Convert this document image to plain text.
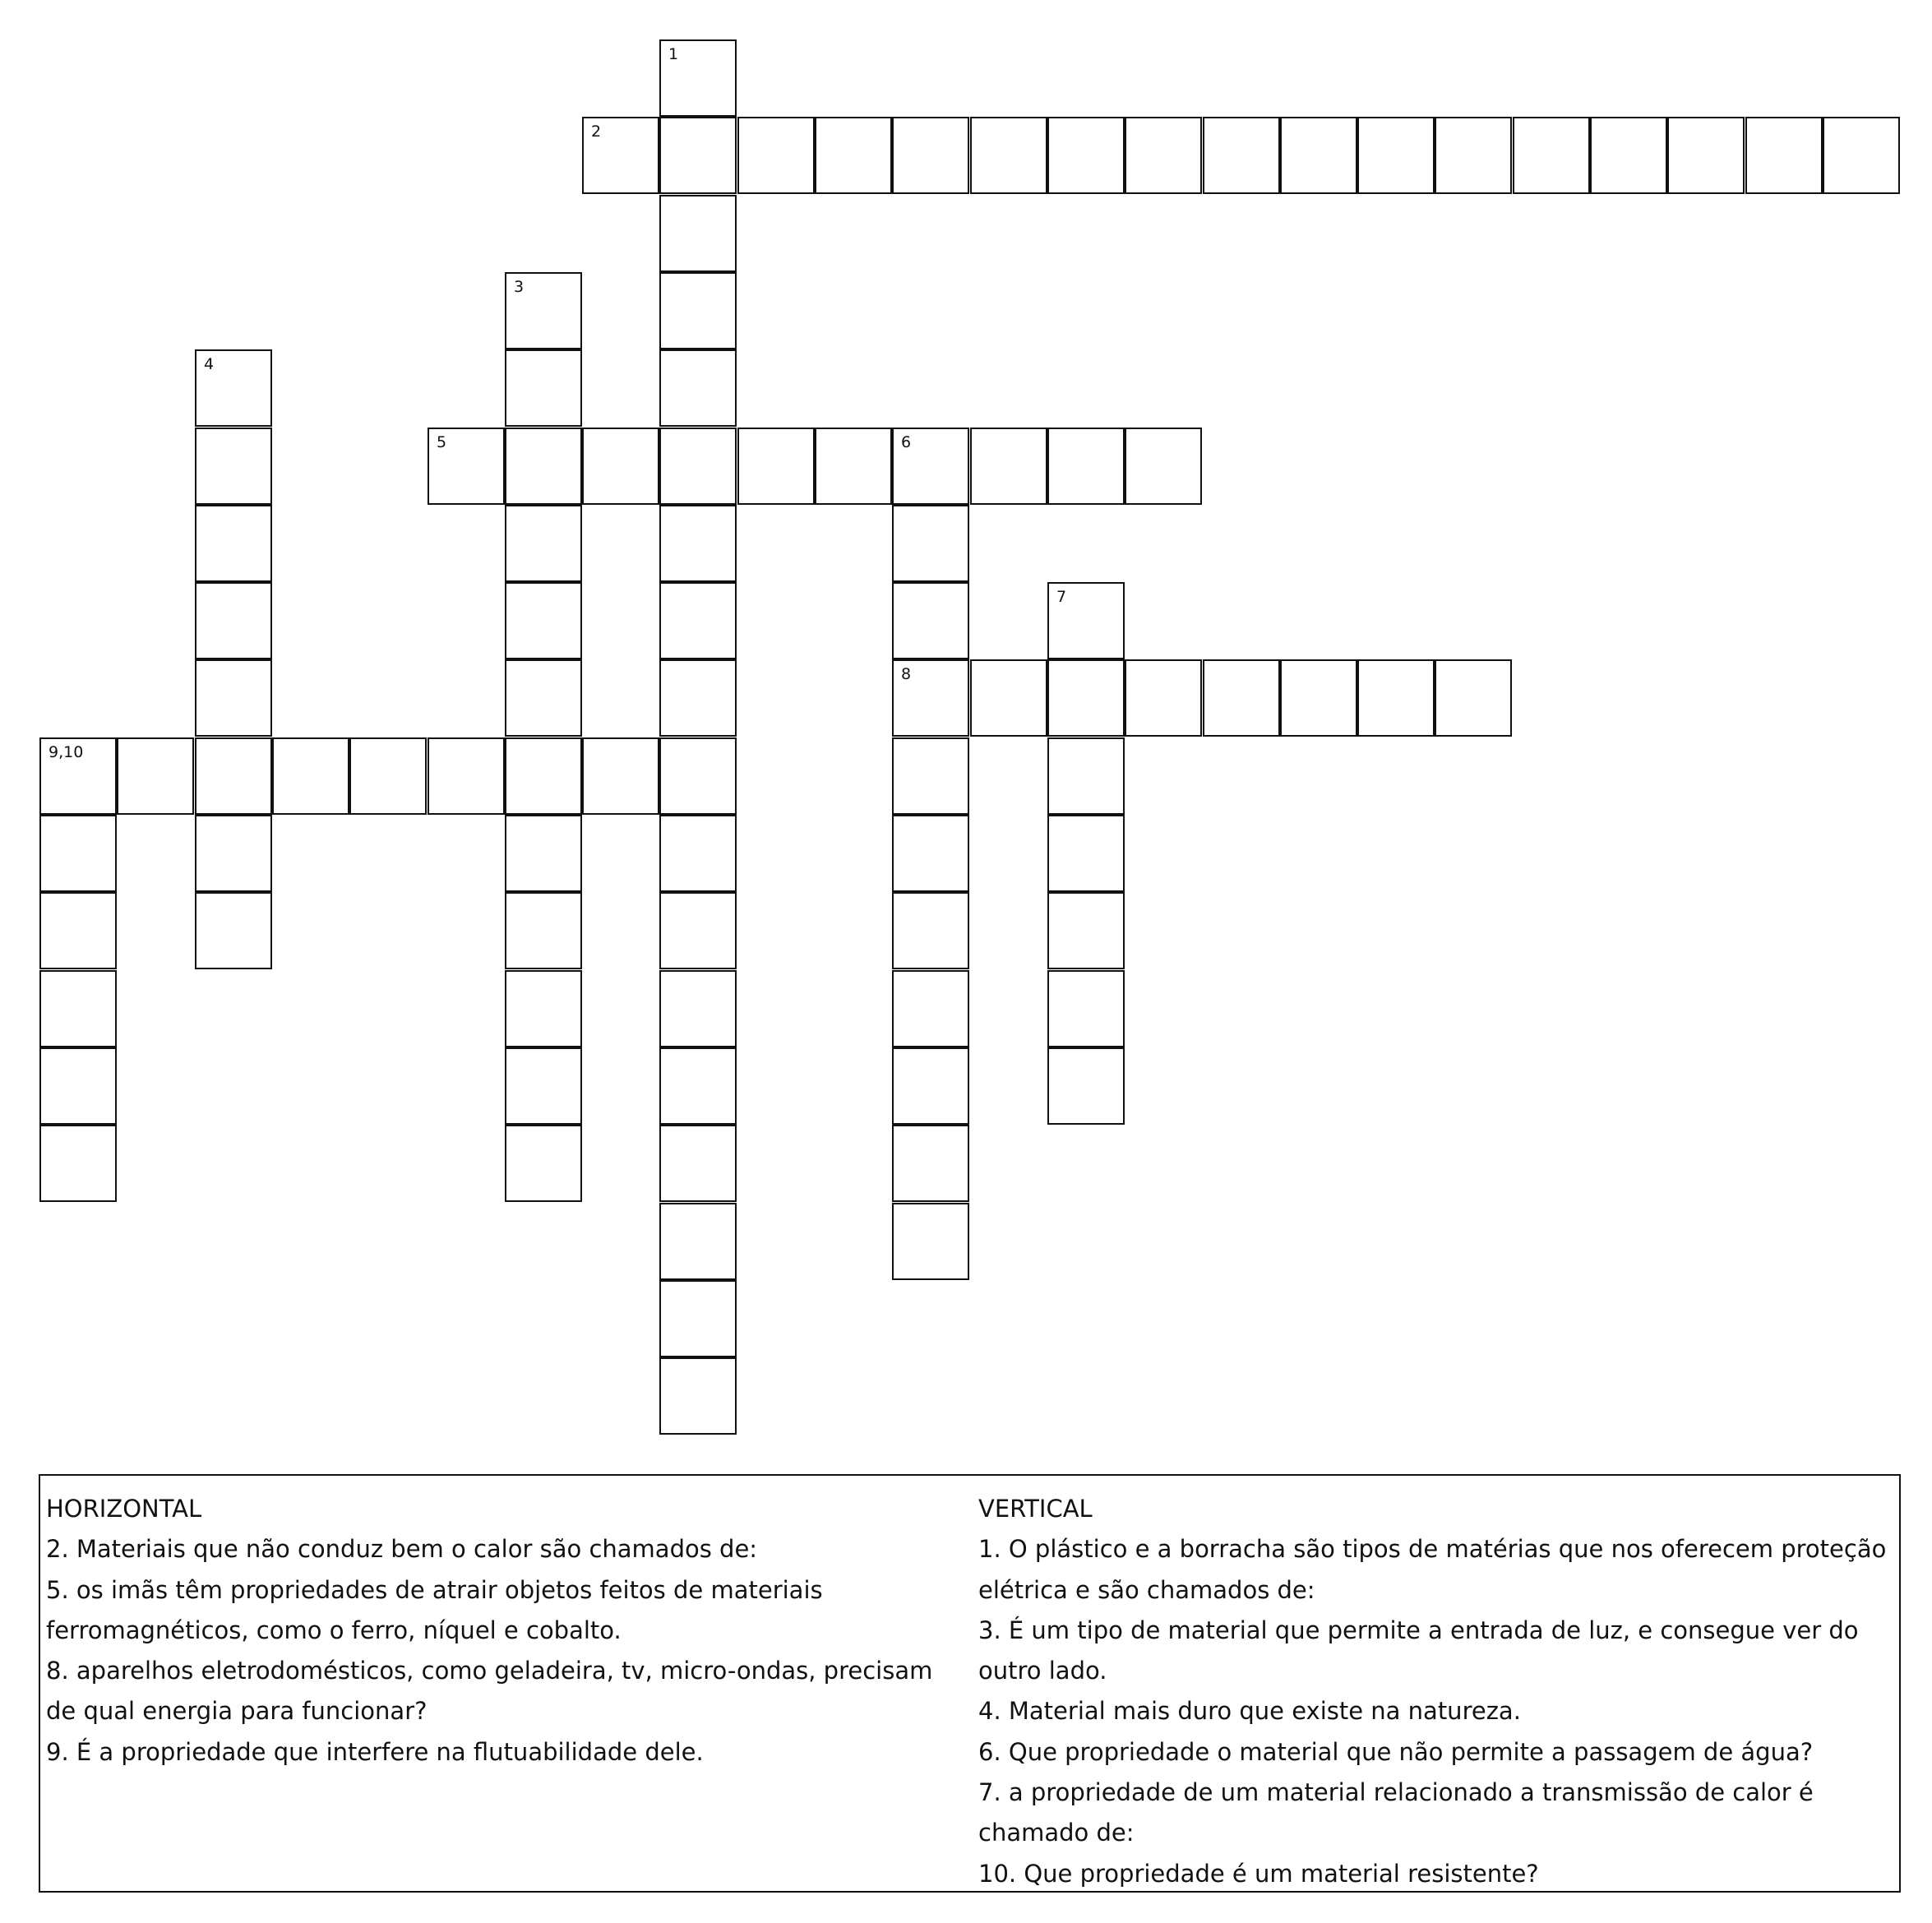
1
2
3
4
5	6
8
7
9,10

HORIZONTAL

2. Materiais que não conduz bem o calor são chamados de:

5. os imãs têm propriedades de atrair objetos feitos de materiais ferromagnéticos, como o ferro, níquel e cobalto.

8. aparelhos eletrodomésticos, como geladeira, tv, micro-ondas, precisam de qual energia para funcionar?

9. É a propriedade que interfere na flutuabilidade dele.

VERTICAL

1. O plástico e a borracha são tipos de matérias que nos oferecem proteção elétrica e são chamados de:

3. É um tipo de material que permite a entrada de luz, e consegue ver do outro lado.

4. Material mais duro que existe na natureza.

6. Que propriedade o material que não permite a passagem de água?

7. a propriedade de um material relacionado a transmissão de calor é chamado de:

10. Que propriedade é um material resistente?
